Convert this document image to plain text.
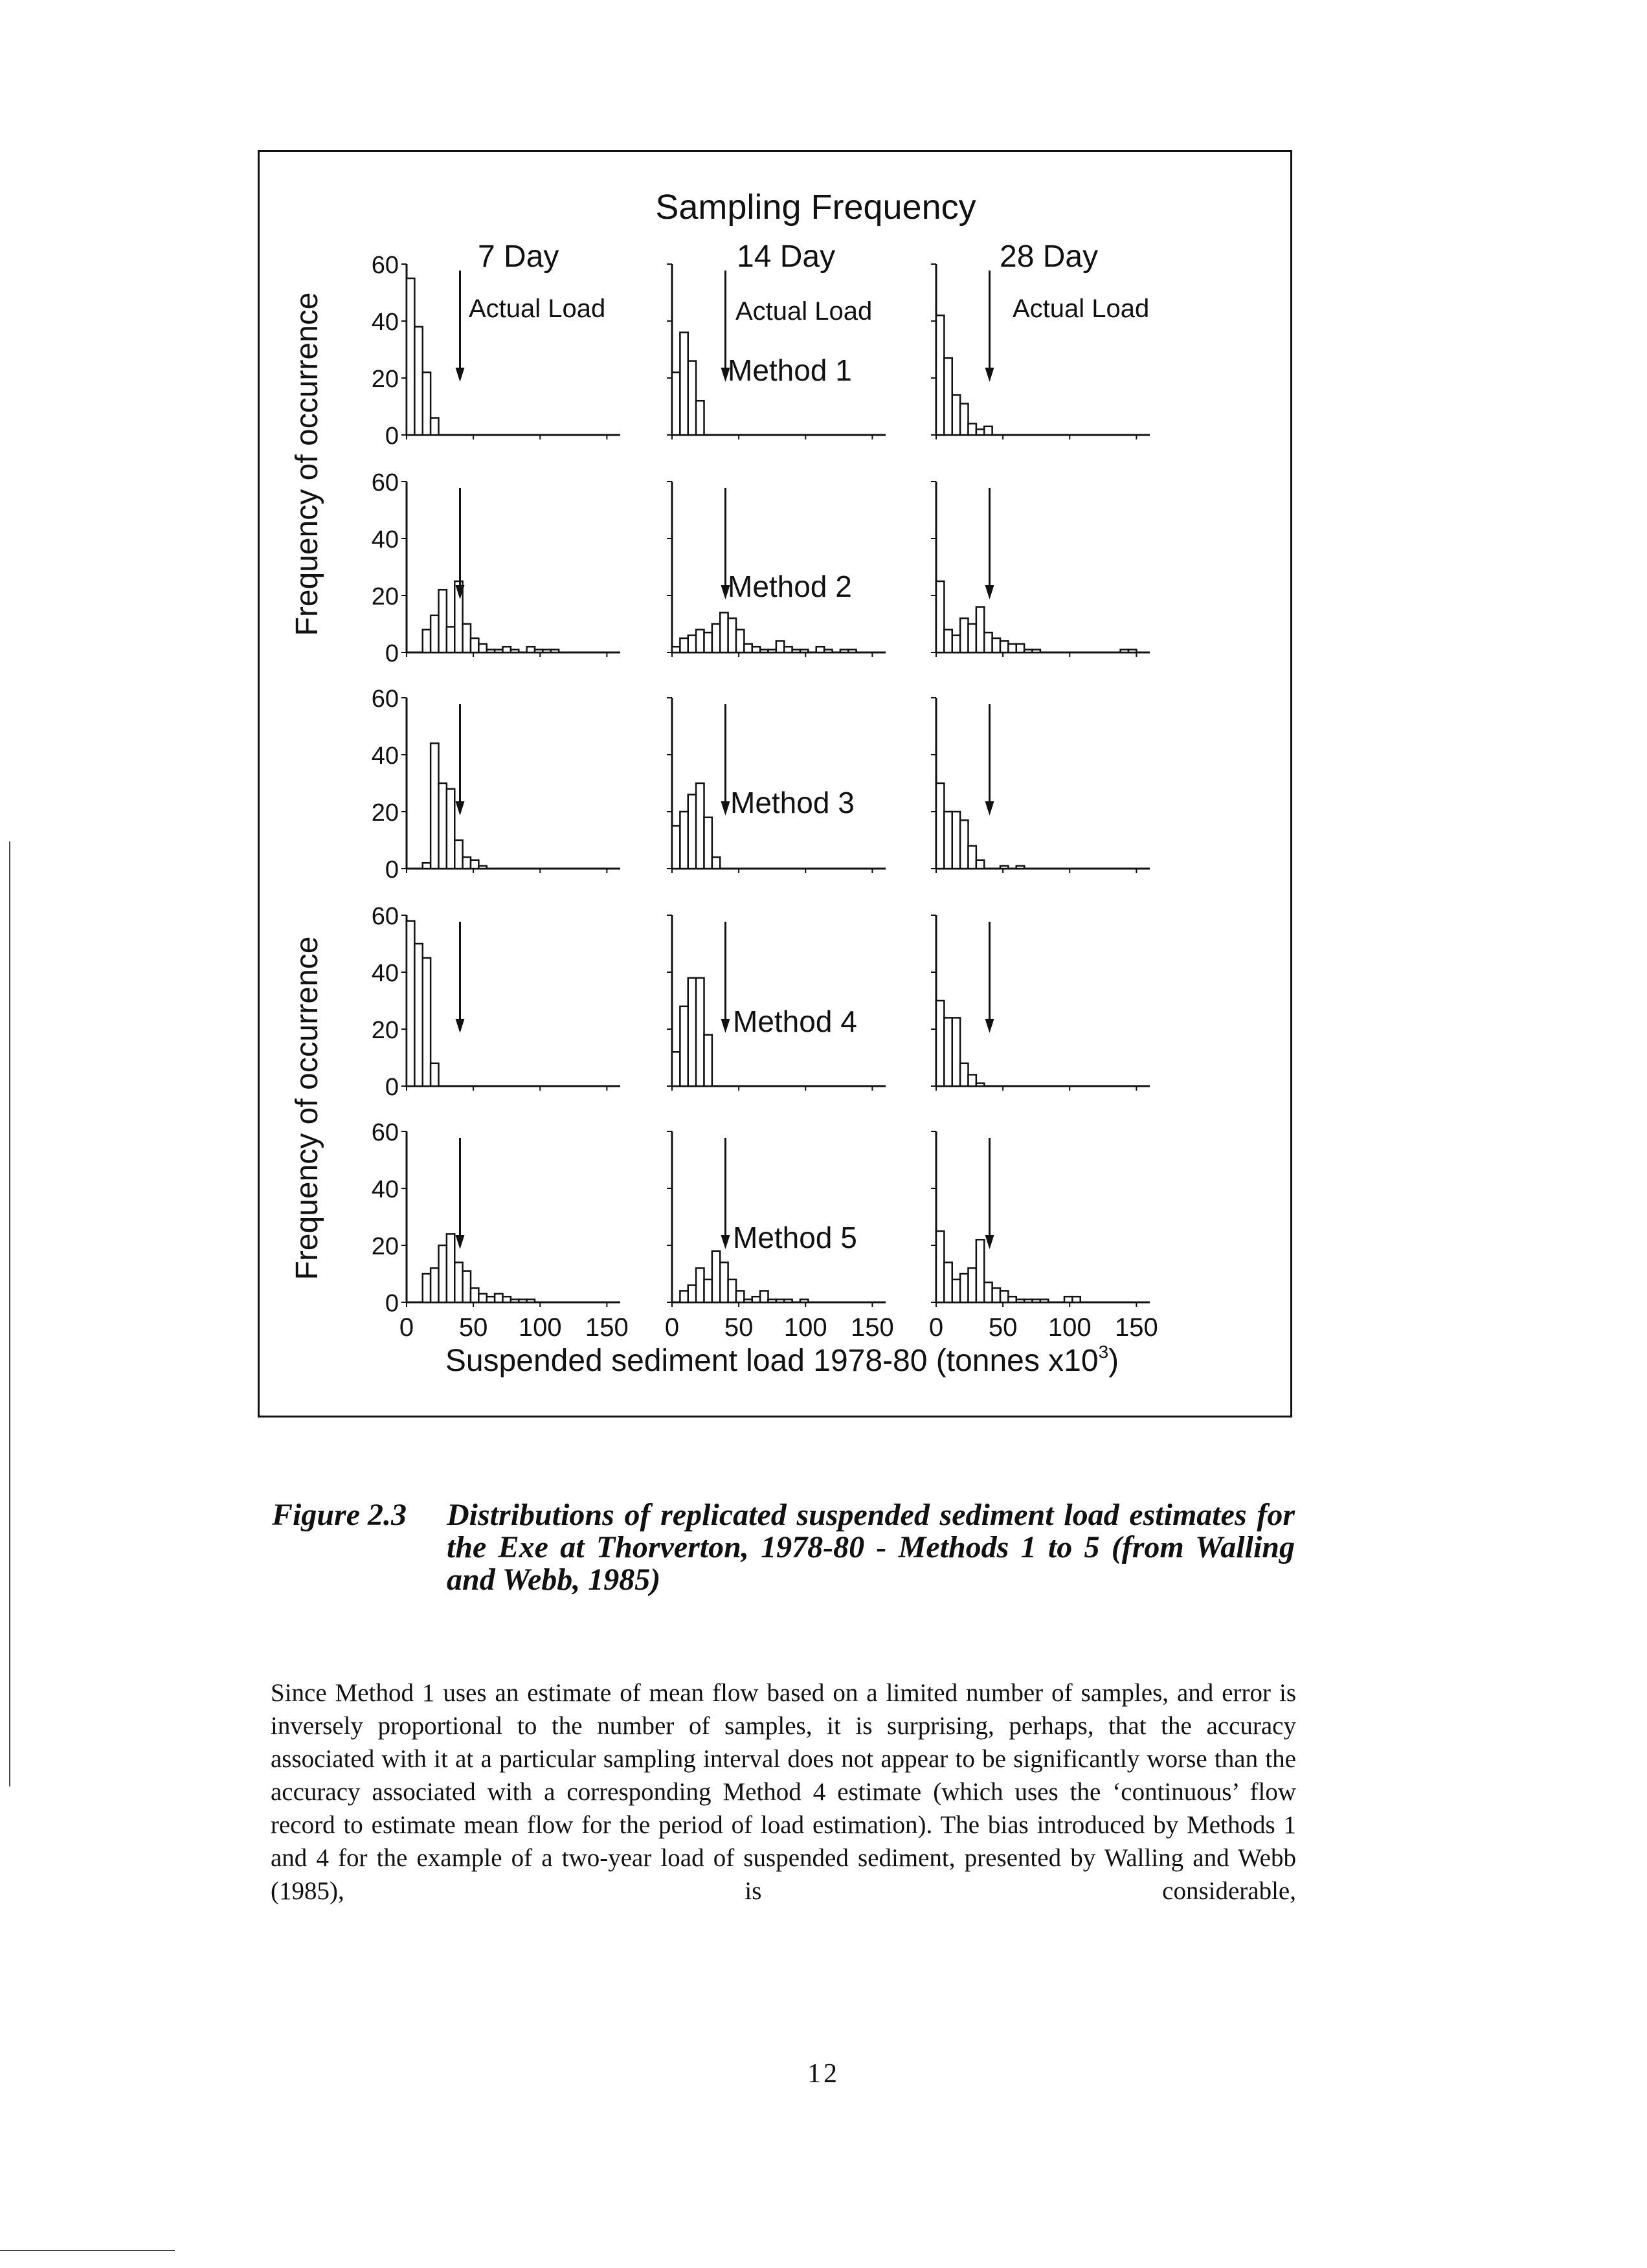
Sampling Frequency
7 Day	14 Day	28 Day
Actual Load	Actual Load	Actual Load
Method 1
Method 2
Method 3
Method 4
Method 5
Frequency of occurrence
Frequency of occurrence
Suspended sediment load 1978-80 (tonnes $x10^3$)
0
20
40
60
0
20
40
60
0
20
40
60
0
20
40
60
0
20
40
60
0 50 100 150 0 50 100 150 0 50 100 150
Figure 2.3 Distributions of replicated suspended sediment load estimates for the Exe at Thorverton, 1978-80 - Methods 1 to 5 (from Walling and Webb, 1985)
Since Method 1 uses an estimate of mean flow based on a limited number of samples, and error is inversely proportional to the number of samples, it is surprising, perhaps, that the accuracy associated with it at a particular sampling interval does not appear to be significantly worse than the accuracy associated with a corresponding Method 4 estimate (which uses the ‘continuous’ flow record to estimate mean flow for the period of load estimation). The bias introduced by Methods 1 and 4 for the example of a two-year load of suspended sediment, presented by Walling and Webb (1985), is considerable,
12
